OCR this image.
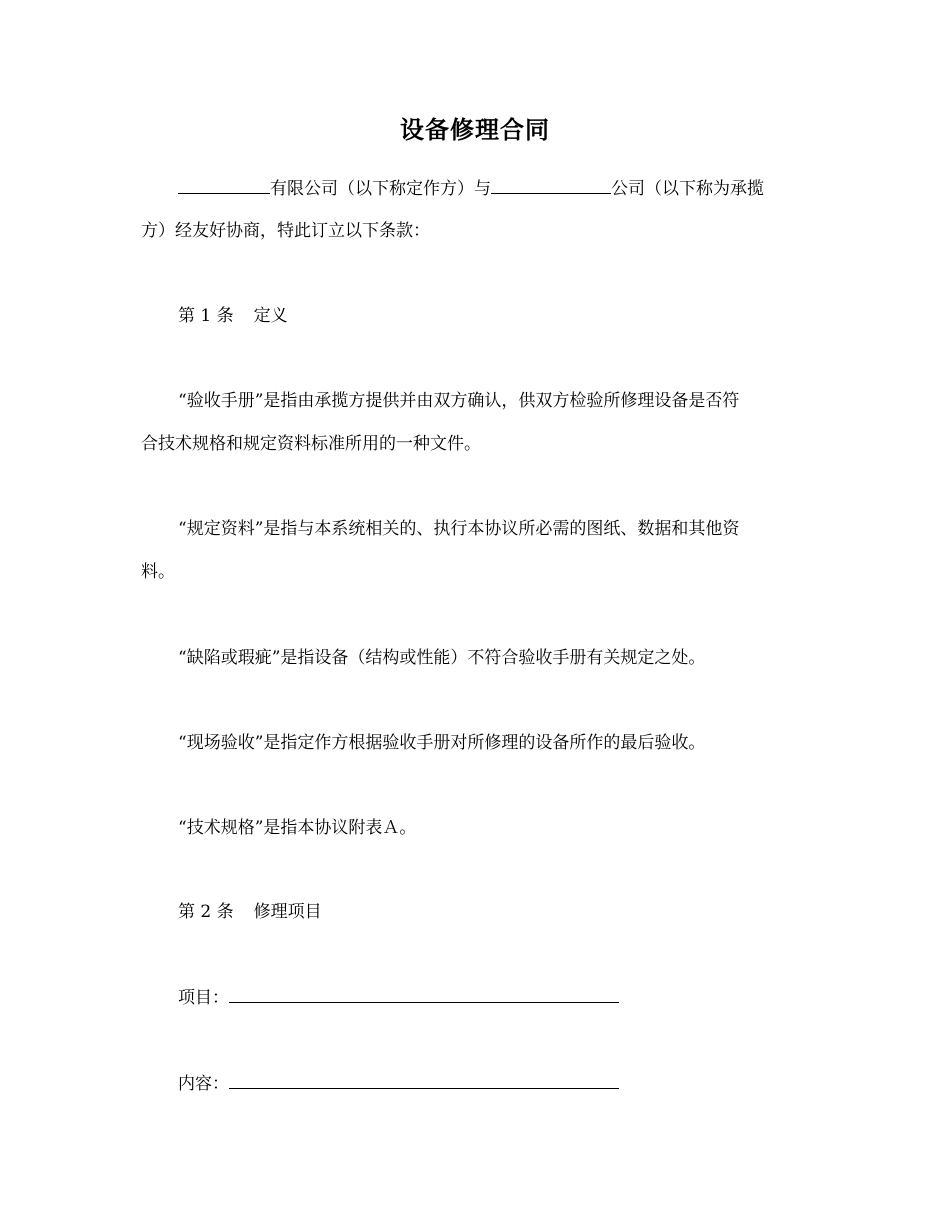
设备修理合同

有限公司（以下称定作方）与	公司（以下称为承揽

方）经友好协商，特此订立以下条款：

第 1 条 定义

“验收手册”是指由承揽方提供并由双方确认，供双方检验所修理设备是否符

合技术规格和规定资料标准所用的一种文件。

“规定资料”是指与本系统相关的、执行本协议所必需的图纸、数据和其他资

料。

“缺陷或瑕疵”是指设备（结构或性能）不符合验收手册有关规定之处。

“现场验收”是指定作方根据验收手册对所修理的设备所作的最后验收。

“技术规格”是指本协议附表Ａ。

第 2 条 修理项目

项目：

内容：
